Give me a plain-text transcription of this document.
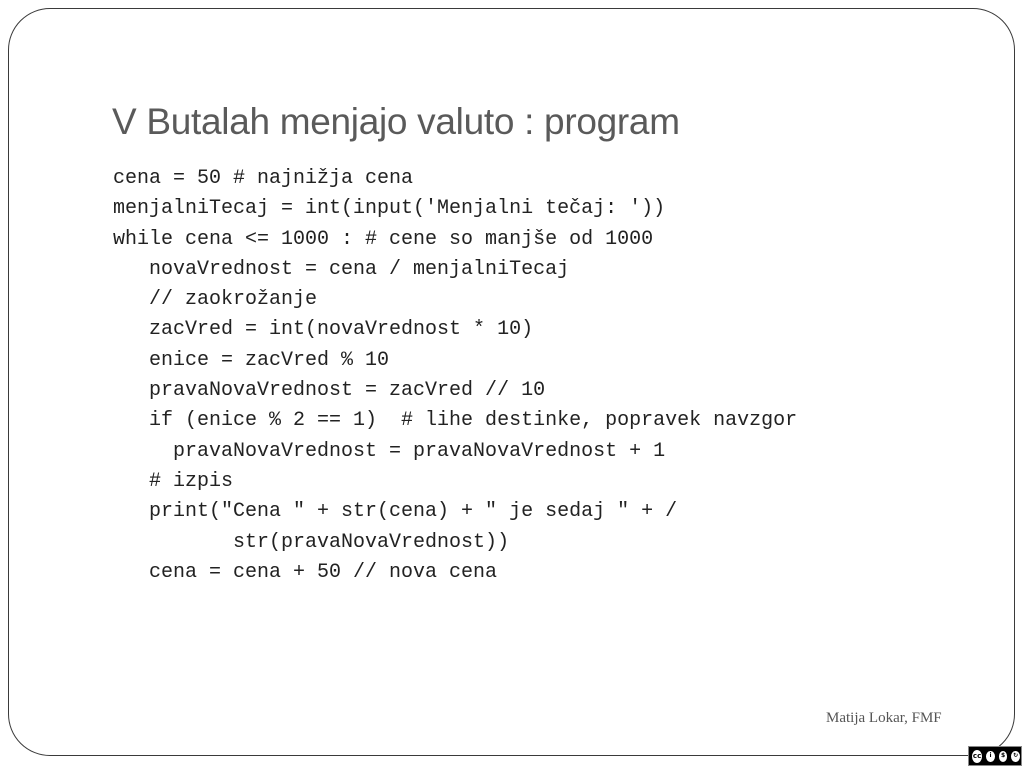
V Butalah menjajo valuto : program
cena = 50 # najnižja cena
menjalniTecaj = int(input('Menjalni tečaj: '))
while cena <= 1000 : # cene so manjše od 1000
novaVrednost = cena / menjalniTecaj
// zaokrožanje
zacVred = int(novaVrednost * 10)
enice = zacVred % 10
pravaNovaVrednost = zacVred // 10
if (enice % 2 == 1)  # lihe destinke, popravek navzgor
pravaNovaVrednost = pravaNovaVrednost + 1
# izpis
print("Cena " + str(cena) + " je sedaj " + /
str(pravaNovaVrednost))
cena = cena + 50 // nova cena
Matija Lokar, FMF
cc	i	$	↻
